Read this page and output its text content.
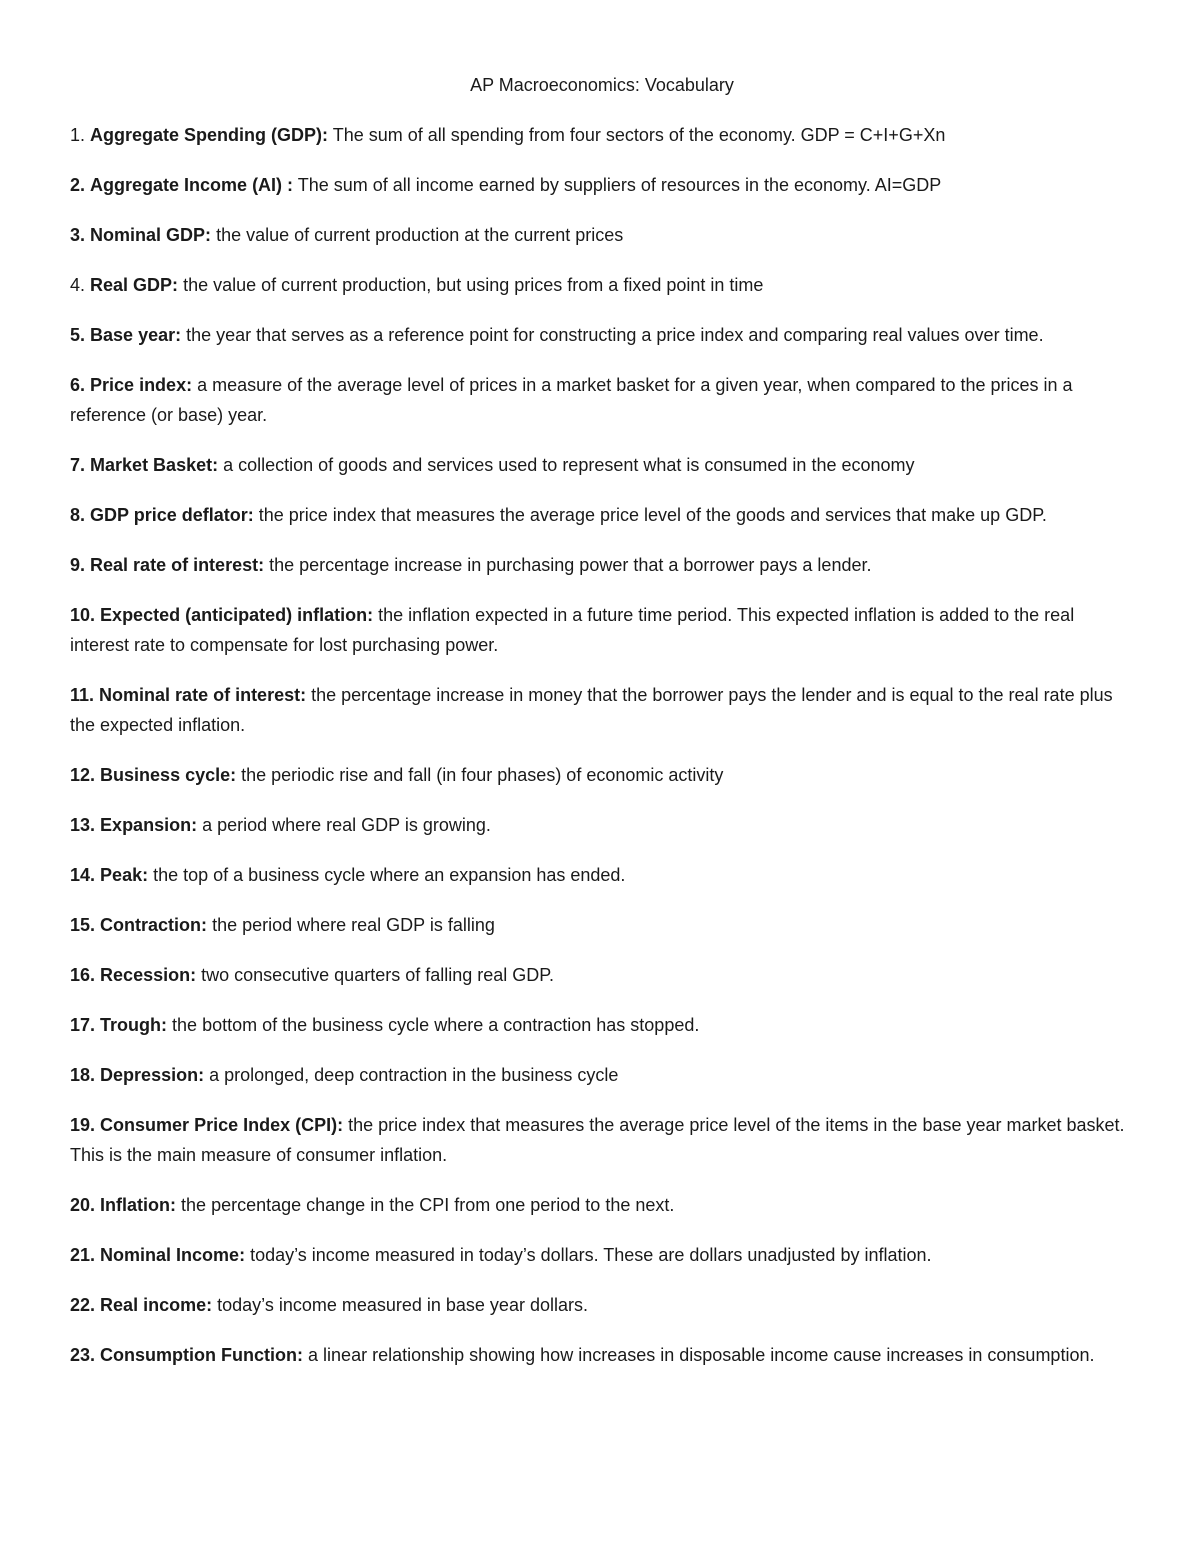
AP Macroeconomics: Vocabulary

1. Aggregate Spending (GDP): The sum of all spending from four sectors of the economy. GDP = C+I+G+Xn

2. Aggregate Income (AI) : The sum of all income earned by suppliers of resources in the economy. AI=GDP

3. Nominal GDP: the value of current production at the current prices

4. Real GDP: the value of current production, but using prices from a fixed point in time

5. Base year: the year that serves as a reference point for constructing a price index and comparing real values over time.

6. Price index: a measure of the average level of prices in a market basket for a given year, when compared to the prices in a reference (or base) year.

7. Market Basket: a collection of goods and services used to represent what is consumed in the economy

8. GDP price deflator: the price index that measures the average price level of the goods and services that make up GDP.

9. Real rate of interest: the percentage increase in purchasing power that a borrower pays a lender.

10. Expected (anticipated) inflation: the inflation expected in a future time period. This expected inflation is added to the real interest rate to compensate for lost purchasing power.

11. Nominal rate of interest: the percentage increase in money that the borrower pays the lender and is equal to the real rate plus the expected inflation.

12. Business cycle: the periodic rise and fall (in four phases) of economic activity

13. Expansion: a period where real GDP is growing.

14. Peak: the top of a business cycle where an expansion has ended.

15. Contraction: the period where real GDP is falling

16. Recession: two consecutive quarters of falling real GDP.

17. Trough: the bottom of the business cycle where a contraction has stopped.

18. Depression: a prolonged, deep contraction in the business cycle

19. Consumer Price Index (CPI): the price index that measures the average price level of the items in the base year market basket. This is the main measure of consumer inflation.

20. Inflation: the percentage change in the CPI from one period to the next.

21. Nominal Income: today’s income measured in today’s dollars. These are dollars unadjusted by inflation.

22. Real income: today’s income measured in base year dollars.

23. Consumption Function: a linear relationship showing how increases in disposable income cause increases in consumption.
